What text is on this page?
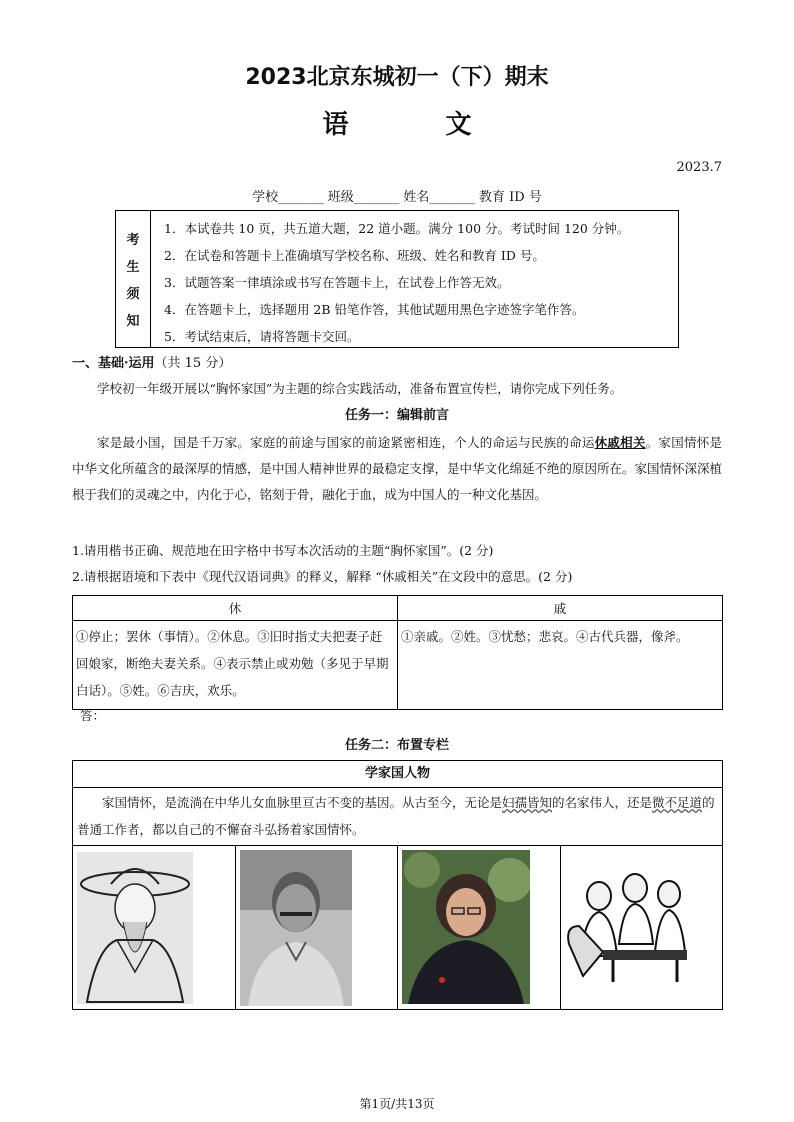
2023北京东城初一（下）期末
语 文
2023.7
学校_______ 班级_______ 姓名_______ 教育 ID 号
考
生
须
知
1．本试卷共 10 页，共五道大题，22 道小题。满分 100 分。考试时间 120 分钟。
2．在试卷和答题卡上准确填写学校名称、班级、姓名和教育 ID 号。
3．试题答案一律填涂或书写在答题卡上，在试卷上作答无效。
4．在答题卡上，选择题用 2B 铅笔作答，其他试题用黑色字迹签字笔作答。
5．考试结束后，请将答题卡交回。
一、基础·运用（共 15 分）
学校初一年级开展以“胸怀家国”为主题的综合实践活动，准备布置宣传栏，请你完成下列任务。
任务一：编辑前言
家是最小国，国是千万家。家庭的前途与国家的前途紧密相连，个人的命运与民族的命运休戚相关。家国情怀是中华文化所蕴含的最深厚的情感，是中国人精神世界的最稳定支撑，是中华文化绵延不绝的原因所在。家国情怀深深植根于我们的灵魂之中，内化于心，铭刻于骨，融化于血，成为中国人的一种文化基因。
1.请用楷书正确、规范地在田字格中书写本次活动的主题“胸怀家国”。(2 分)
2.请根据语境和下表中《现代汉语词典》的释义，解释 “休戚相关”在文段中的意思。(2 分)
休	戚
①停止；罢休（事情）。②休息。③旧时指丈夫把妻子赶回娘家，断绝夫妻关系。④表示禁止或劝勉（多见于早期白话）。⑤姓。⑥吉庆，欢乐。	①亲戚。②姓。③忧愁；悲哀。④古代兵器，像斧。
答：
任务二：布置专栏
学家国人物
家国情怀，是流淌在中华儿女血脉里亘古不变的基因。从古至今，无论是妇孺皆知的名家伟人，还是微不足道的普通工作者，都以自己的不懈奋斗弘扬着家国情怀。
第1页/共13页
